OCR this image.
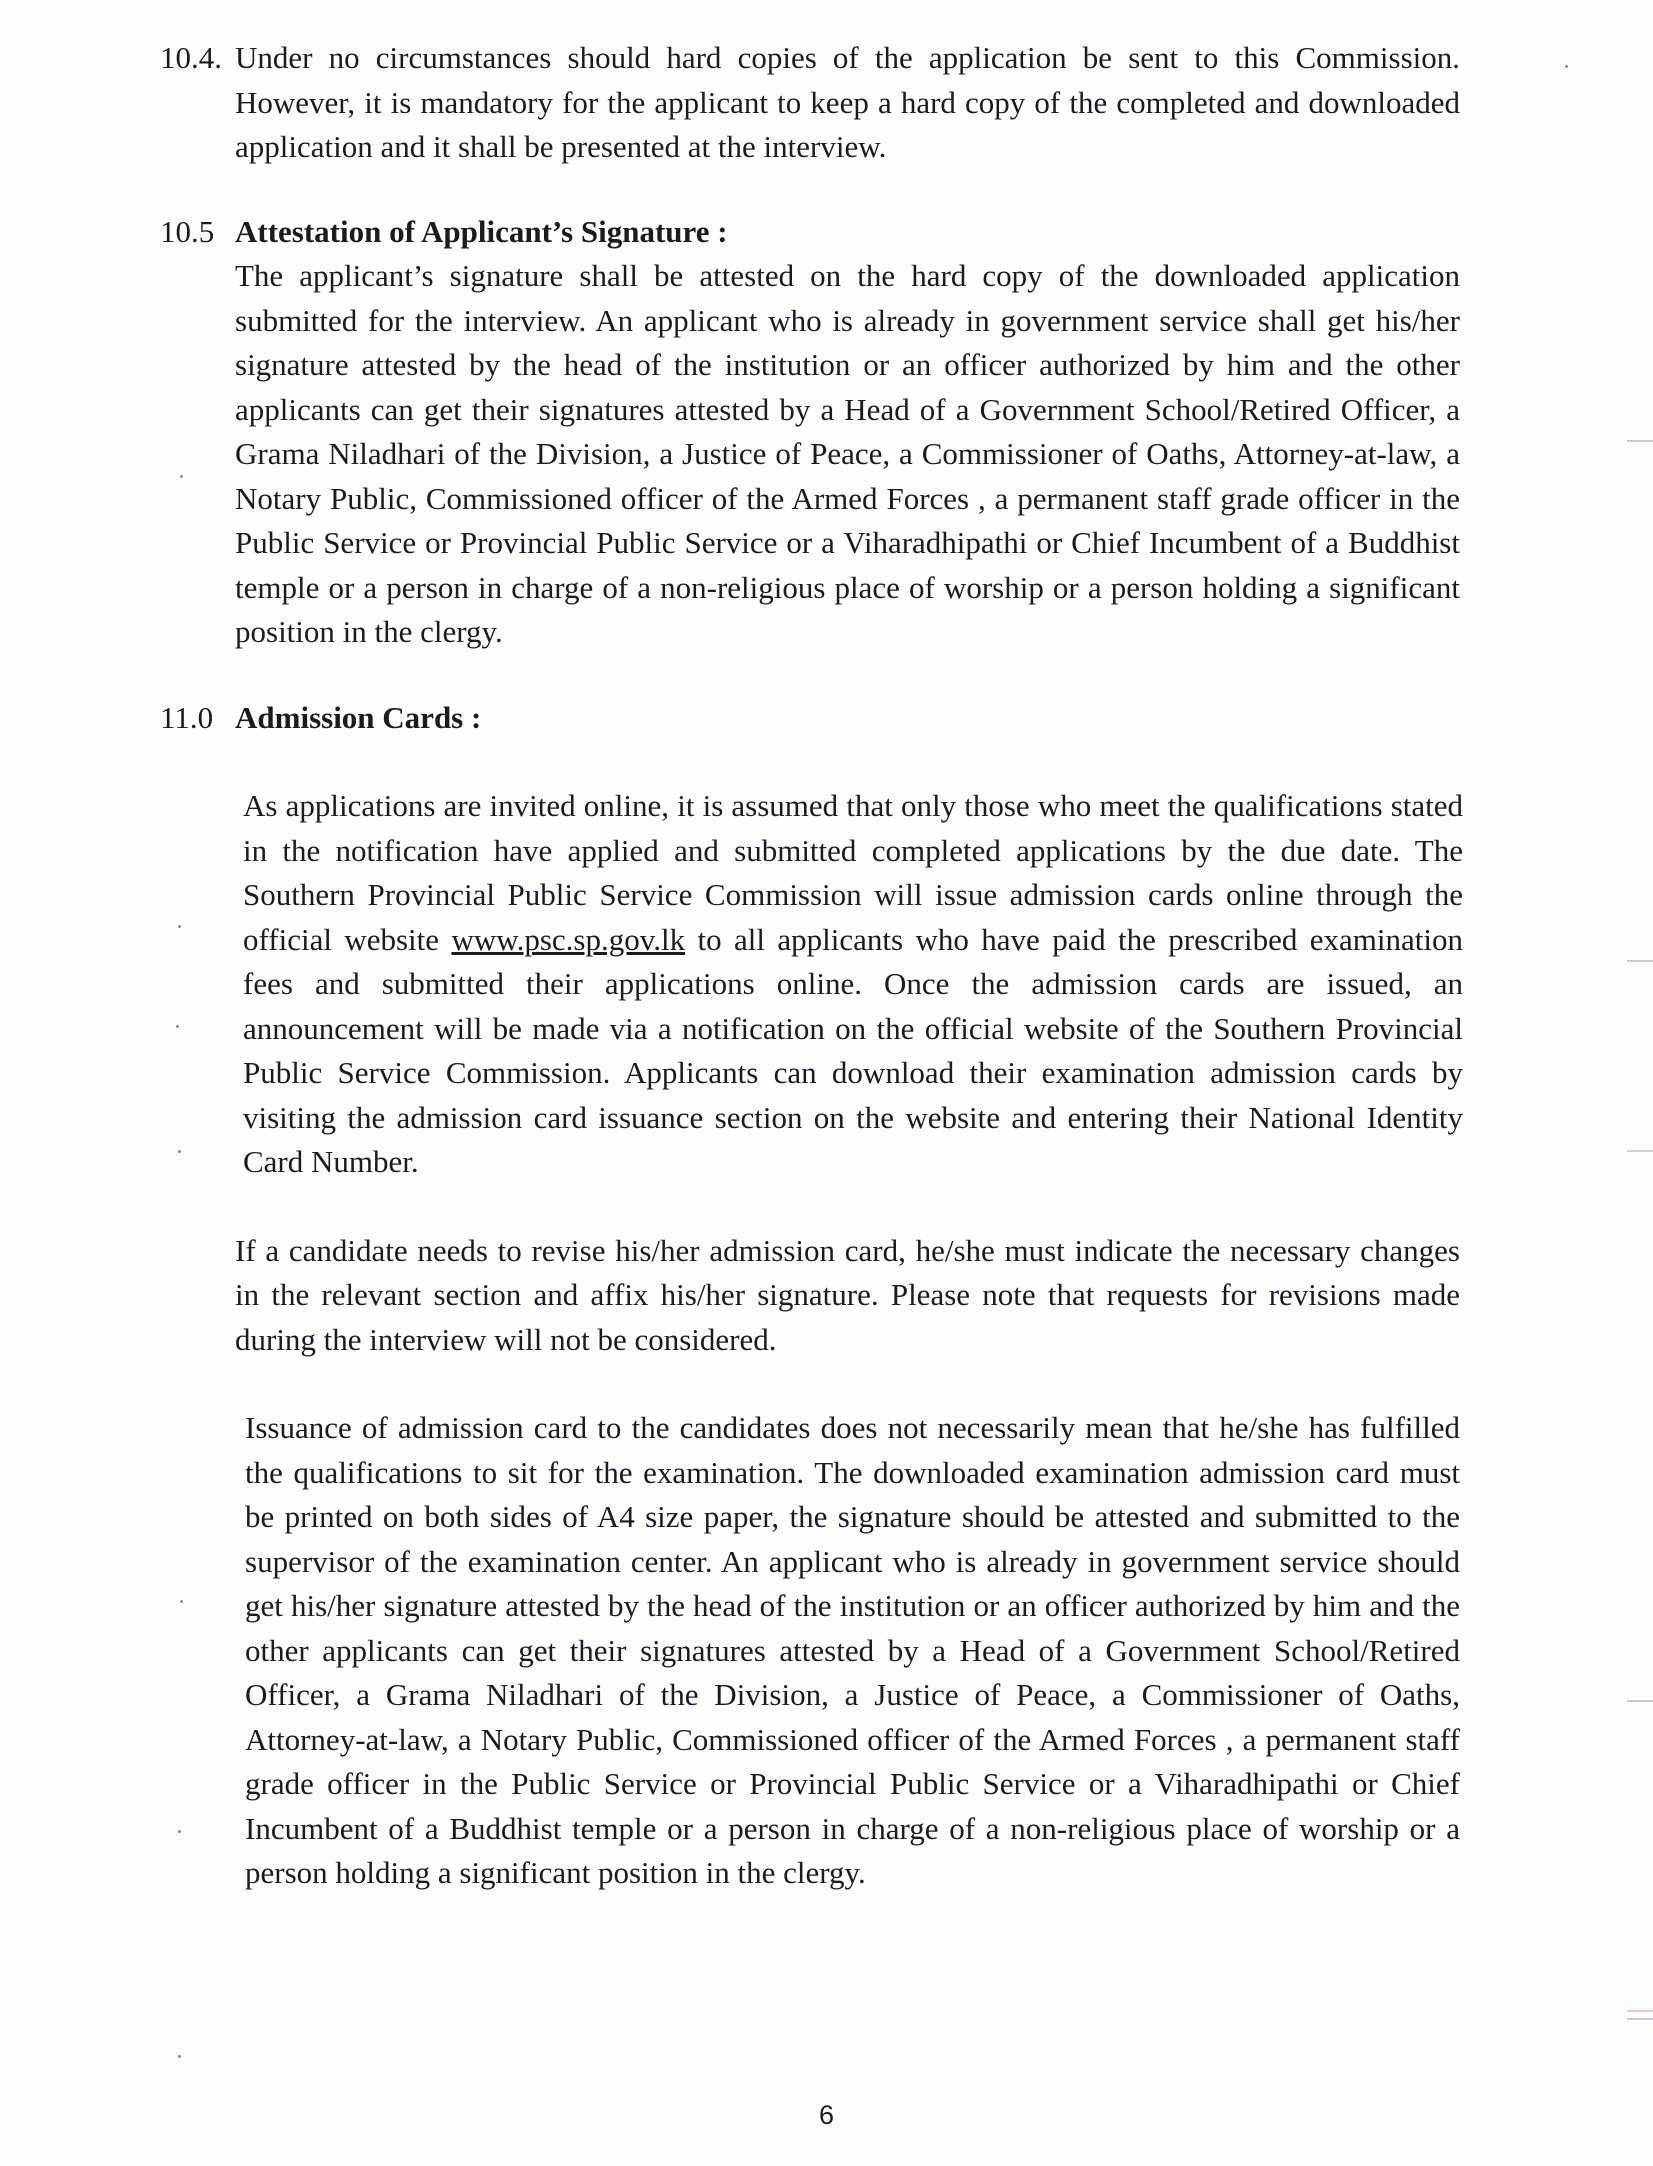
10.4. Under no circumstances should hard copies of the application be sent to this Commission. However, it is mandatory for the applicant to keep a hard copy of the completed and downloaded application and it shall be presented at the interview.

10.5 Attestation of Applicant’s Signature :

The applicant’s signature shall be attested on the hard copy of the downloaded application submitted for the interview. An applicant who is already in government service shall get his/her signature attested by the head of the institution or an officer authorized by him and the other applicants can get their signatures attested by a Head of a Government School/Retired Officer, a Grama Niladhari of the Division, a Justice of Peace, a Commissioner of Oaths, Attorney-at-law, a Notary Public, Commissioned officer of the Armed Forces , a permanent staff grade officer in the Public Service or Provincial Public Service or a Viharadhipathi or Chief Incumbent of a Buddhist temple or a person in charge of a non-religious place of worship or a person holding a significant position in the clergy.

11.0 Admission Cards :

As applications are invited online, it is assumed that only those who meet the qualifications stated in the notification have applied and submitted completed applications by the due date. The Southern Provincial Public Service Commission will issue admission cards online through the official website www.psc.sp.gov.lk to all applicants who have paid the prescribed examination fees and submitted their applications online. Once the admission cards are issued, an announcement will be made via a notification on the official website of the Southern Provincial Public Service Commission. Applicants can download their examination admission cards by visiting the admission card issuance section on the website and entering their National Identity Card Number.

If a candidate needs to revise his/her admission card, he/she must indicate the necessary changes in the relevant section and affix his/her signature. Please note that requests for revisions made during the interview will not be considered.

Issuance of admission card to the candidates does not necessarily mean that he/she has fulfilled the qualifications to sit for the examination. The downloaded examination admission card must be printed on both sides of A4 size paper, the signature should be attested and submitted to the supervisor of the examination center. An applicant who is already in government service should get his/her signature attested by the head of the institution or an officer authorized by him and the other applicants can get their signatures attested by a Head of a Government School/Retired Officer, a Grama Niladhari of the Division, a Justice of Peace, a Commissioner of Oaths, Attorney-at-law, a Notary Public, Commissioned officer of the Armed Forces , a permanent staff grade officer in the Public Service or Provincial Public Service or a Viharadhipathi or Chief Incumbent of a Buddhist temple or a person in charge of a non-religious place of worship or a person holding a significant position in the clergy.

6
